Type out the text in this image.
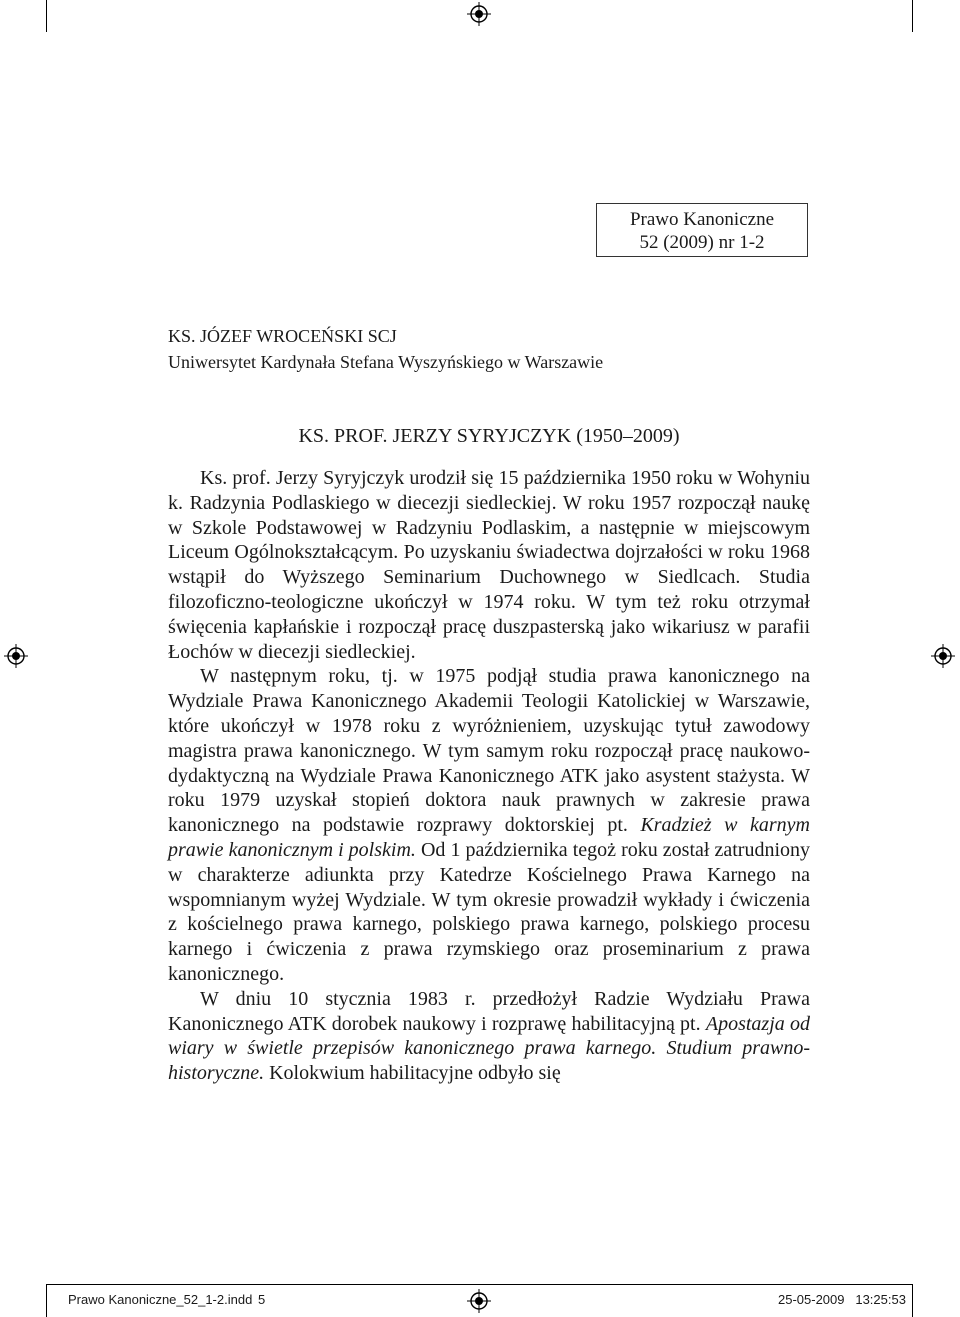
Prawo Kanoniczne
52 (2009) nr 1-2
KS. JÓZEF WROCEŃSKI SCJ
Uniwersytet Kardynała Stefana Wyszyńskiego w Warszawie
KS. PROF. JERZY SYRYJCZYK (1950–2009)

Ks. prof. Jerzy Syryjczyk urodził się 15 października 1950 roku w Wohyniu k. Radzynia Podlaskiego w diecezji siedleckiej. W roku 1957 rozpoczął naukę w Szkole Podstawowej w Radzyniu Podlaskim, a następnie w miejscowym Liceum Ogólnokształcącym. Po uzyskaniu świadectwa dojrzałości w roku 1968 wstąpił do Wyższego Seminarium Duchownego w Siedlcach. Studia filozoficzno-teologiczne ukończył w 1974 roku. W tym też roku otrzymał święcenia kapłańskie i rozpoczął pracę duszpasterską jako wikariusz w parafii Łochów w diecezji siedleckiej.

W następnym roku, tj. w 1975 podjął studia prawa kanonicznego na Wydziale Prawa Kanonicznego Akademii Teologii Katolickiej w Warszawie, które ukończył w 1978 roku z wyróżnieniem, uzyskując tytuł zawodowy magistra prawa kanonicznego. W tym samym roku rozpoczął pracę naukowo-dydaktyczną na Wydziale Prawa Kanonicznego ATK jako asystent stażysta. W roku 1979 uzyskał stopień doktora nauk prawnych w zakresie prawa kanonicznego na podstawie rozprawy doktorskiej pt. Kradzież w karnym prawie kanonicznym i polskim. Od 1 października tegoż roku został zatrudniony w charakterze adiunkta przy Katedrze Kościelnego Prawa Karnego na wspomnianym wyżej Wydziale. W tym okresie prowadził wykłady i ćwiczenia z kościelnego prawa karnego, polskiego prawa karnego, polskiego procesu karnego i ćwiczenia z prawa rzymskiego oraz proseminarium z prawa kanonicznego.

W dniu 10 stycznia 1983 r. przedłożył Radzie Wydziału Prawa Kanonicznego ATK dorobek naukowy i rozprawę habilitacyjną pt. Apostazja od wiary w świetle przepisów kanonicznego prawa karnego. Studium prawno-historyczne. Kolokwium habilitacyjne odbyło się

Prawo Kanoniczne_52_1-2.indd 5	25-05-2009   13:25:53
